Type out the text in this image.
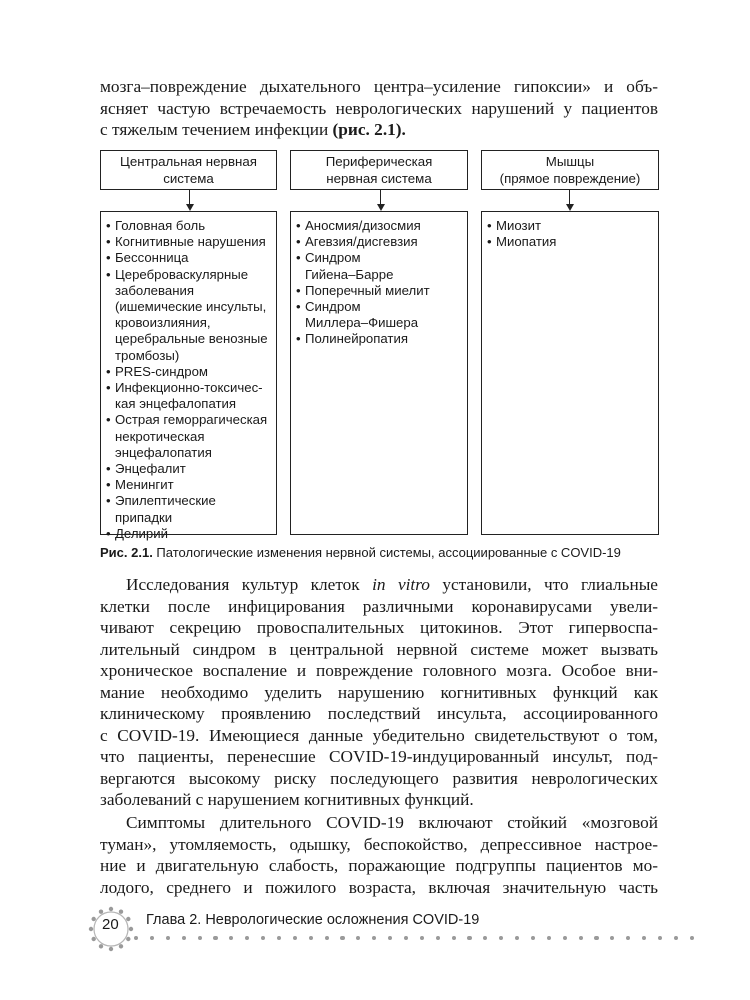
мозга–повреждение дыхательного центра–усиление гипоксии» и объ-
ясняет частую встречаемость неврологических нарушений у пациентов
с тяжелым течением инфекции (рис. 2.1).
Центральная нервная
система
Периферическая
нервная система
Мышцы
(прямое повреждение)
• Головная боль
• Когнитивные нарушения
• Бессонница
• Цереброваскулярные
заболевания
(ишемические инсульты,
кровоизлияния,
церебральные венозные
тромбозы)
• PRES-синдром
• Инфекционно-токсичес-
кая энцефалопатия
• Острая геморрагическая
некротическая
энцефалопатия
• Энцефалит
• Менингит
• Эпилептические припадки
• Делирий
• Аносмия/дизосмия
• Агевзия/дисгевзия
• Синдром
Гийена–Барре
• Поперечный миелит
• Синдром
Миллера–Фишера
• Полинейропатия
• Миозит
• Миопатия
Рис. 2.1. Патологические изменения нервной системы, ассоциированные с COVID-19
Исследования культур клеток in vitro установили, что глиальные
клетки после инфицирования различными коронавирусами увели-
чивают секрецию провоспалительных цитокинов. Этот гипервоспа-
лительный синдром в центральной нервной системе может вызвать
хроническое воспаление и повреждение головного мозга. Особое вни-
мание необходимо уделить нарушению когнитивных функций как
клиническому проявлению последствий инсульта, ассоциированного
с COVID-19. Имеющиеся данные убедительно свидетельствуют о том,
что пациенты, перенесшие COVID-19-индуцированный инсульт, под-
вергаются высокому риску последующего развития неврологических
заболеваний с нарушением когнитивных функций.
Симптомы длительного COVID-19 включают стойкий «мозговой
туман», утомляемость, одышку, беспокойство, депрессивное настрое-
ние и двигательную слабость, поражающие подгруппы пациентов мо-
лодого, среднего и пожилого возраста, включая значительную часть
20 Глава 2. Неврологические осложнения COVID-19
